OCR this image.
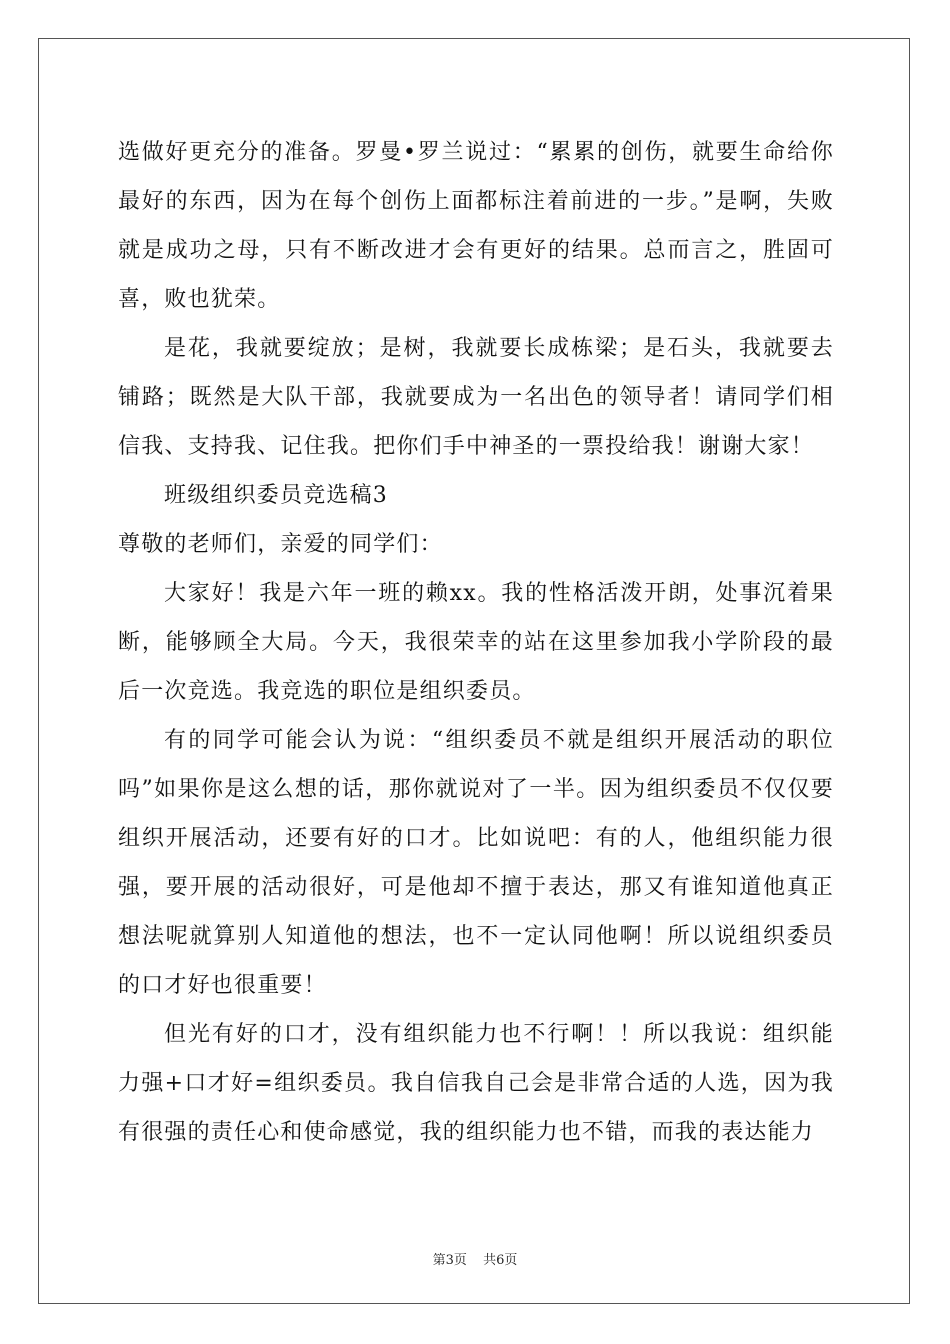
选做好更充分的准备。罗曼•罗兰说过：“累累的创伤，就要生命给你最好的东西，因为在每个创伤上面都标注着前进的一步。”是啊，失败就是成功之母，只有不断改进才会有更好的结果。总而言之，胜固可喜，败也犹荣。

是花，我就要绽放；是树，我就要长成栋梁；是石头，我就要去铺路；既然是大队干部，我就要成为一名出色的领导者！请同学们相信我、支持我、记住我。把你们手中神圣的一票投给我！谢谢大家！

班级组织委员竞选稿3

尊敬的老师们，亲爱的同学们：

大家好！我是六年一班的赖xx。我的性格活泼开朗，处事沉着果断，能够顾全大局。今天，我很荣幸的站在这里参加我小学阶段的最后一次竞选。我竞选的职位是组织委员。

有的同学可能会认为说：“组织委员不就是组织开展活动的职位吗”如果你是这么想的话，那你就说对了一半。因为组织委员不仅仅要组织开展活动，还要有好的口才。比如说吧：有的人，他组织能力很强，要开展的活动很好，可是他却不擅于表达，那又有谁知道他真正想法呢就算别人知道他的想法，也不一定认同他啊！所以说组织委员的口才好也很重要！

但光有好的口才，没有组织能力也不行啊！！所以我说：组织能力强+口才好=组织委员。我自信我自己会是非常合适的人选，因为我有很强的责任心和使命感觉，我的组织能力也不错，而我的表达能力

第3页 共6页
